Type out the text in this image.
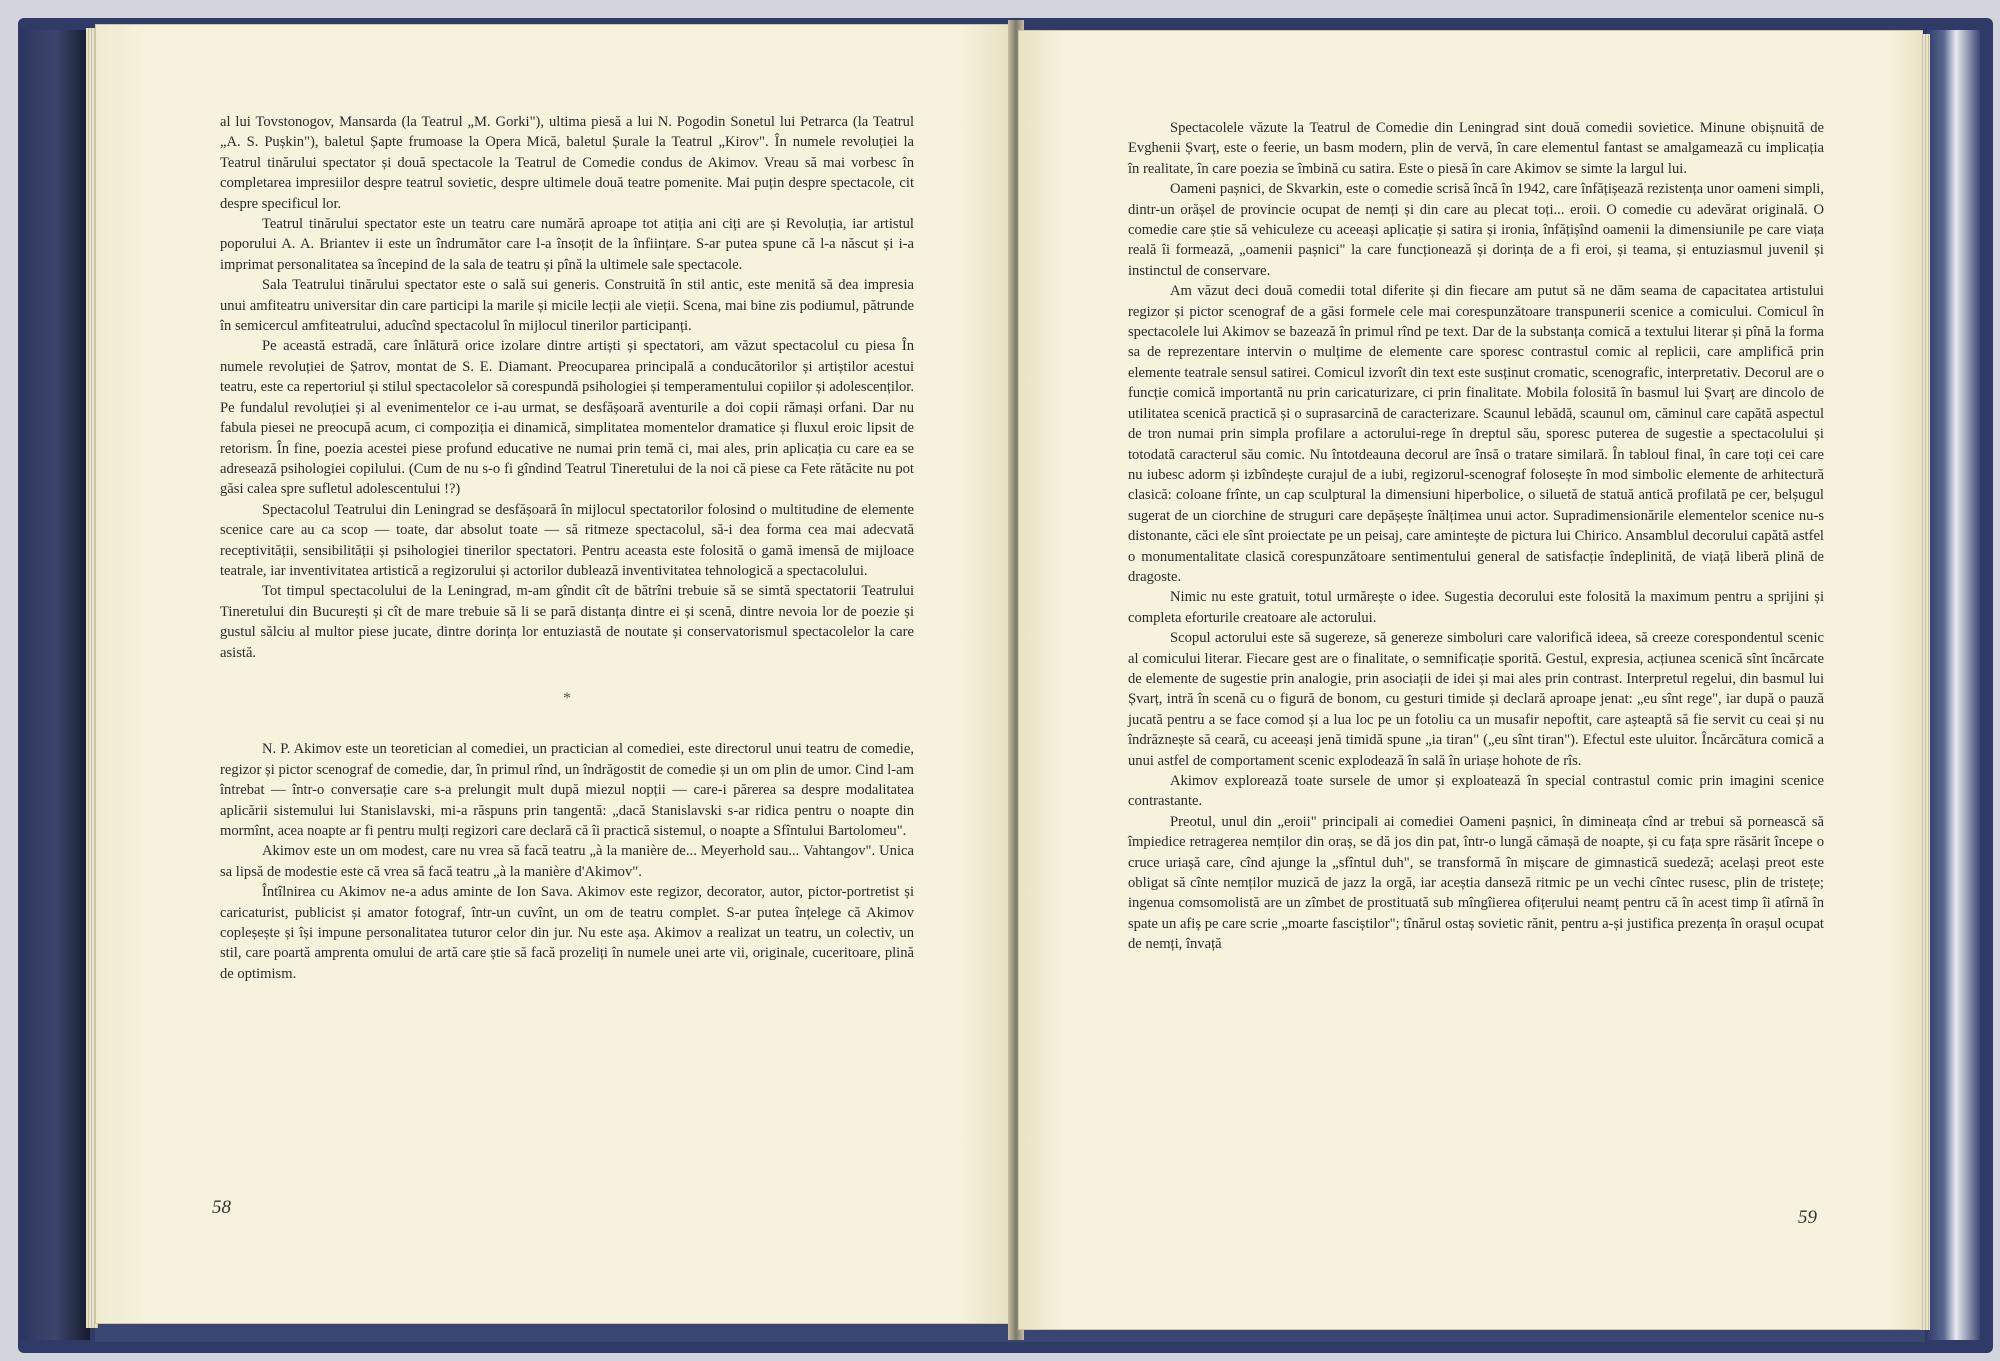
al lui Tovstonogov, Mansarda (la Teatrul „M. Gorki"), ultima piesă a lui N. Pogodin Sonetul lui Petrarca (la Teatrul „A. S. Pușkin"), baletul Șapte frumoase la Opera Mică, baletul Șurale la Teatrul „Kirov". În numele revoluției la Teatrul tinărului spectator și două spectacole la Teatrul de Comedie condus de Akimov. Vreau să mai vorbesc în completarea impresiilor despre teatrul sovietic, despre ultimele două teatre pomenite. Mai puțin despre spectacole, cit despre specificul lor.

Teatrul tinărului spectator este un teatru care numără aproape tot atiția ani ciți are și Revoluția, iar artistul poporului A. A. Briantev ii este un îndrumător care l-a însoțit de la înființare. S-ar putea spune că l-a născut și i-a imprimat personalitatea sa începind de la sala de teatru și pînă la ultimele sale spectacole.

Sala Teatrului tinărului spectator este o sală sui generis. Construită în stil antic, este menită să dea impresia unui amfiteatru universitar din care participi la marile și micile lecții ale vieții. Scena, mai bine zis podiumul, pătrunde în semicercul amfiteatrului, aducînd spectacolul în mijlocul tinerilor participanți.

Pe această estradă, care înlătură orice izolare dintre artiști și spectatori, am văzut spectacolul cu piesa În numele revoluției de Șatrov, montat de S. E. Diamant. Preocuparea principală a conducătorilor și artiștilor acestui teatru, este ca repertoriul și stilul spectacolelor să corespundă psihologiei și temperamentului copiilor și adolescenților. Pe fundalul revoluției și al evenimentelor ce i-au urmat, se desfășoară aventurile a doi copii rămași orfani. Dar nu fabula piesei ne preocupă acum, ci compoziția ei dinamică, simplitatea momentelor dramatice și fluxul eroic lipsit de retorism. În fine, poezia acestei piese profund educative ne numai prin temă ci, mai ales, prin aplicația cu care ea se adresează psihologiei copilului. (Cum de nu s-o fi gîndind Teatrul Tineretului de la noi că piese ca Fete rătăcite nu pot găsi calea spre sufletul adolescentului !?)

Spectacolul Teatrului din Leningrad se desfășoară în mijlocul spectatorilor folosind o multitudine de elemente scenice care au ca scop — toate, dar absolut toate — să ritmeze spectacolul, să-i dea forma cea mai adecvată receptivității, sensibilității și psihologiei tinerilor spectatori. Pentru aceasta este folosită o gamă imensă de mijloace teatrale, iar inventivitatea artistică a regizorului și actorilor dublează inventivitatea tehnologică a spectacolului.

Tot timpul spectacolului de la Leningrad, m-am gîndit cît de bătrîni trebuie să se simtă spectatorii Teatrului Tineretului din București și cît de mare trebuie să li se pară distanța dintre ei și scenă, dintre nevoia lor de poezie și gustul sălciu al multor piese jucate, dintre dorința lor entuziastă de noutate și conservatorismul spectacolelor la care asistă.

*

N. P. Akimov este un teoretician al comediei, un practician al comediei, este directorul unui teatru de comedie, regizor și pictor scenograf de comedie, dar, în primul rînd, un îndrăgostit de comedie și un om plin de umor. Cind l-am întrebat — într-o conversație care s-a prelungit mult după miezul nopții — care-i părerea sa despre modalitatea aplicării sistemului lui Stanislavski, mi-a răspuns prin tangentă: „dacă Stanislavski s-ar ridica pentru o noapte din mormînt, acea noapte ar fi pentru mulți regizori care declară că îi practică sistemul, o noapte a Sfîntului Bartolomeu".

Akimov este un om modest, care nu vrea să facă teatru „à la manière de... Meyerhold sau... Vahtangov". Unica sa lipsă de modestie este că vrea să facă teatru „à la manière d'Akimov".

Întîlnirea cu Akimov ne-a adus aminte de Ion Sava. Akimov este regizor, decorator, autor, pictor-portretist și caricaturist, publicist și amator fotograf, într-un cuvînt, un om de teatru complet. S-ar putea înțelege că Akimov copleșește și își impune personalitatea tuturor celor din jur. Nu este așa. Akimov a realizat un teatru, un colectiv, un stil, care poartă amprenta omului de artă care știe să facă prozeliți în numele unei arte vii, originale, cuceritoare, plină de optimism.

58

Spectacolele văzute la Teatrul de Comedie din Leningrad sint două comedii sovietice. Minune obișnuită de Evghenii Șvarț, este o feerie, un basm modern, plin de vervă, în care elementul fantast se amalgamează cu implicația în realitate, în care poezia se îmbină cu satira. Este o piesă în care Akimov se simte la largul lui.

Oameni pașnici, de Skvarkin, este o comedie scrisă încă în 1942, care înfățișează rezistența unor oameni simpli, dintr-un orășel de provincie ocupat de nemți și din care au plecat toți... eroii. O comedie cu adevărat originală. O comedie care știe să vehiculeze cu aceeași aplicație și satira și ironia, înfățișînd oamenii la dimensiunile pe care viața reală îi formează, „oamenii pașnici" la care funcționează și dorința de a fi eroi, și teama, și entuziasmul juvenil și instinctul de conservare.

Am văzut deci două comedii total diferite și din fiecare am putut să ne dăm seama de capacitatea artistului regizor și pictor scenograf de a găsi formele cele mai corespunzătoare transpunerii scenice a comicului. Comicul în spectacolele lui Akimov se bazează în primul rînd pe text. Dar de la substanța comică a textului literar și pînă la forma sa de reprezentare intervin o mulțime de elemente care sporesc contrastul comic al replicii, care amplifică prin elemente teatrale sensul satirei. Comicul izvorît din text este susținut cromatic, scenografic, interpretativ. Decorul are o funcție comică importantă nu prin caricaturizare, ci prin finalitate. Mobila folosită în basmul lui Șvarț are dincolo de utilitatea scenică practică și o suprasarcină de caracterizare. Scaunul lebădă, scaunul om, căminul care capătă aspectul de tron numai prin simpla profilare a actorului-rege în dreptul său, sporesc puterea de sugestie a spectacolului și totodată caracterul său comic. Nu întotdeauna decorul are însă o tratare similară. În tabloul final, în care toți cei care nu iubesc adorm și izbîndește curajul de a iubi, regizorul-scenograf folosește în mod simbolic elemente de arhitectură clasică: coloane frînte, un cap sculptural la dimensiuni hiperbolice, o siluetă de statuă antică profilată pe cer, belșugul sugerat de un ciorchine de struguri care depășește înălțimea unui actor. Supradimensionările elementelor scenice nu-s distonante, căci ele sînt proiectate pe un peisaj, care amintește de pictura lui Chirico. Ansamblul decorului capătă astfel o monumentalitate clasică corespunzătoare sentimentului general de satisfacție îndeplinită, de viață liberă plină de dragoste.

Nimic nu este gratuit, totul urmărește o idee. Sugestia decorului este folosită la maximum pentru a sprijini și completa eforturile creatoare ale actorului.

Scopul actorului este să sugereze, să genereze simboluri care valorifică ideea, să creeze corespondentul scenic al comicului literar. Fiecare gest are o finalitate, o semnificație sporită. Gestul, expresia, acțiunea scenică sînt încărcate de elemente de sugestie prin analogie, prin asociații de idei și mai ales prin contrast. Interpretul regelui, din basmul lui Șvarț, intră în scenă cu o figură de bonom, cu gesturi timide și declară aproape jenat: „eu sînt rege", iar după o pauză jucată pentru a se face comod și a lua loc pe un fotoliu ca un musafir nepoftit, care așteaptă să fie servit cu ceai și nu îndrăznește să ceară, cu aceeași jenă timidă spune „ia tiran" („eu sînt tiran"). Efectul este uluitor. Încărcătura comică a unui astfel de comportament scenic explodează în sală în uriașe hohote de rîs.

Akimov explorează toate sursele de umor și exploatează în special contrastul comic prin imagini scenice contrastante.

Preotul, unul din „eroii" principali ai comediei Oameni pașnici, în dimineața cînd ar trebui să pornească să împiedice retragerea nemților din oraș, se dă jos din pat, într-o lungă cămașă de noapte, și cu fața spre răsărit începe o cruce uriașă care, cînd ajunge la „sfîntul duh", se transformă în mișcare de gimnastică suedeză; același preot este obligat să cînte nemților muzică de jazz la orgă, iar aceștia danseză ritmic pe un vechi cîntec rusesc, plin de tristețe; ingenua comsomolistă are un zîmbet de prostituată sub mîngîierea ofițerului neamț pentru că în acest timp îi atîrnă în spate un afiș pe care scrie „moarte fasciștilor"; tînărul ostaș sovietic rănit, pentru a-și justifica prezența în orașul ocupat de nemți, învață

59
